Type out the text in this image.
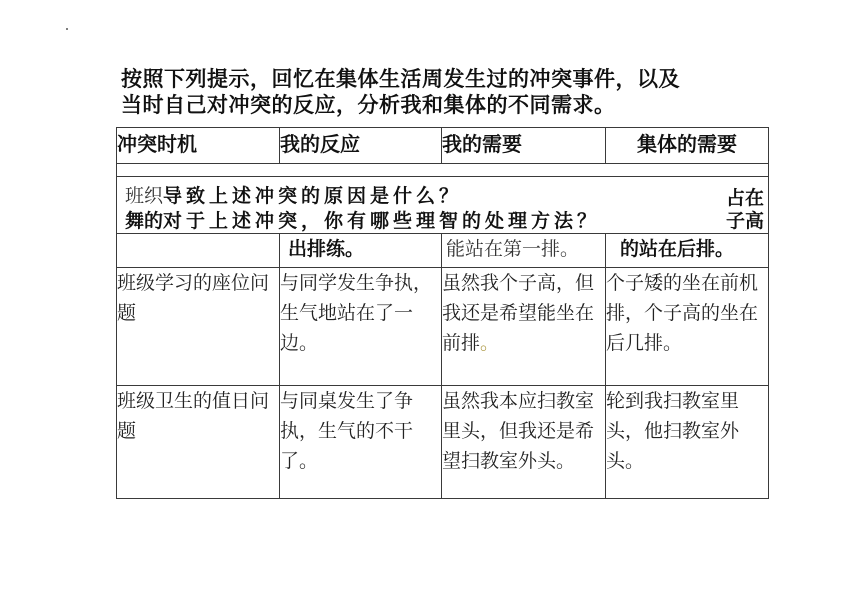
按照下列提示，回忆在集体生活周发生过的冲突事件，以及
当时自己对冲突的反应，分析我和集体的不同需求。
冲突时机	我的反应	我的需要	集体的需要

班织导致上述冲突的原因是什么？ 占在
舞的对于上述冲突，你有哪些理智的处理方法？ 子高			

	出排练。	能站在第一排。	的站在后排。
班级学习的座位问题	与同学发生争执，生气地站在了一边。	虽然我个子高，但我还是希望能坐在前排。	个子矮的坐在前机排，个子高的坐在后几排。
班级卫生的值日问题	与同桌发生了争执，生气的不干了。	虽然我本应扫教室里头，但我还是希望扫教室外头。	轮到我扫教室里头，他扫教室外头。
